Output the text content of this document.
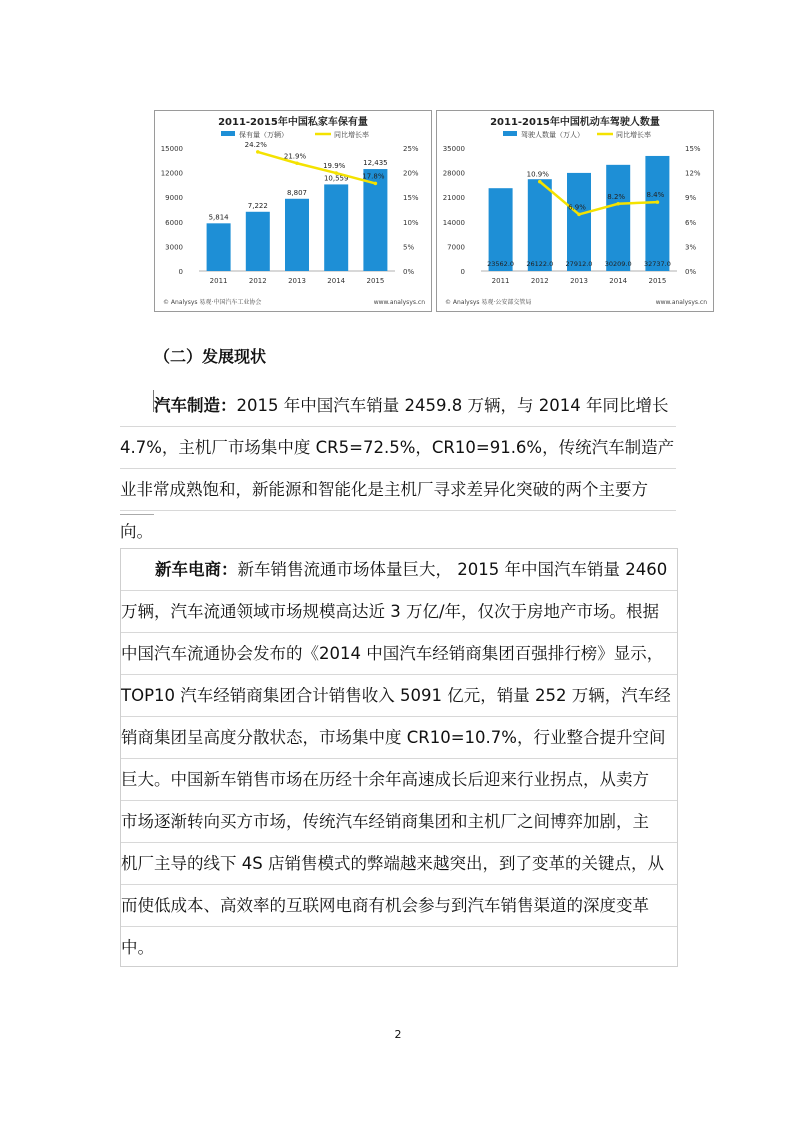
2011-2015年中国私家车保有量
保有量（万辆）	同比增长率
0
3000
6000
9000
12000
15000
0%
5%
10%
15%
20%
25%
5,814
2011
7,222
2012
8,807
2013
10,559
2014
12,435
2015
24.2%
21.9%
19.9%
17.8%
© Analysys 易观·中国汽车工业协会	www.analysys.cn
2011-2015年中国机动车驾驶人数量
驾驶人数量（万人）	同比增长率
0
7000
14000
21000
28000
35000
0%
3%
6%
9%
12%
15%
23562.0
2011
26122.0
2012
27912.0
2013
30209.0
2014
32737.0
2015
10.9%
6.9%
8.2%	8.4%
© Analysys 易观·公安部交管局	www.analysys.cn
（二）发展现状
汽车制造：2015 年中国汽车销量 2459.8 万辆，与 2014 年同比增长
4.7%，主机厂市场集中度 CR5=72.5%，CR10=91.6%，传统汽车制造产
业非常成熟饱和，新能源和智能化是主机厂寻求差异化突破的两个主要方
向。
新车电商：新车销售流通市场体量巨大， 2015 年中国汽车销量 2460
万辆，汽车流通领域市场规模高达近 3 万亿/年，仅次于房地产市场。根据
中国汽车流通协会发布的《2014 中国汽车经销商集团百强排行榜》显示，
TOP10 汽车经销商集团合计销售收入 5091 亿元，销量 252 万辆，汽车经
销商集团呈高度分散状态，市场集中度 CR10=10.7%，行业整合提升空间
巨大。中国新车销售市场在历经十余年高速成长后迎来行业拐点，从卖方
市场逐渐转向买方市场，传统汽车经销商集团和主机厂之间博弈加剧，主
机厂主导的线下 4S 店销售模式的弊端越来越突出，到了变革的关键点，从
而使低成本、高效率的互联网电商有机会参与到汽车销售渠道的深度变革
中。
2
